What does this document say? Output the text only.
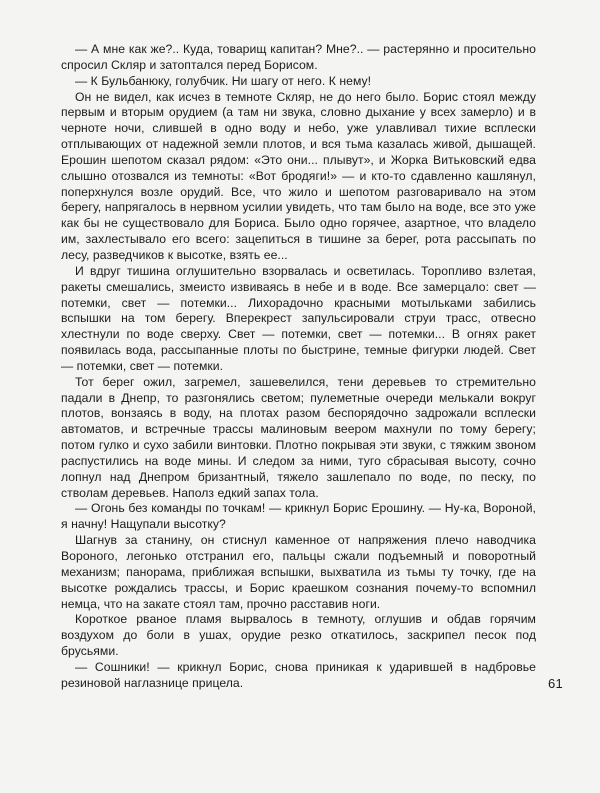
— А мне как же?.. Куда, товарищ капитан? Мне?.. — растерянно и просительно спросил Скляр и затоптался перед Борисом.

— К Бульбанюку, голубчик. Ни шагу от него. К нему!

Он не видел, как исчез в темноте Скляр, не до него было. Борис стоял между первым и вторым орудием (а там ни звука, словно дыхание у всех замерло) и в черноте ночи, слившей в одно воду и небо, уже улавливал тихие всплески отплывающих от надежной земли плотов, и вся тьма казалась живой, дышащей. Ерошин шепотом сказал рядом: «Это они... плывут», и Жорка Витьковский едва слышно отозвался из темноты: «Вот бродяги!» — и кто-то сдавленно кашлянул, поперхнулся возле орудий. Все, что жило и шепотом разговаривало на этом берегу, напрягалось в нервном усилии увидеть, что там было на воде, все это уже как бы не существовало для Бориса. Было одно горячее, азартное, что владело им, захлестывало его всего: зацепиться в тишине за берег, рота рассыпать по лесу, разведчиков к высотке, взять ее...

И вдруг тишина оглушительно взорвалась и осветилась. Торопливо взлетая, ракеты смешались, змеисто извиваясь в небе и в воде. Все замерцало: свет — потемки, свет — потемки... Лихорадочно красными мотыльками забились вспышки на том берегу. Вперекрест запульсировали струи трасс, отвесно хлестнули по воде сверху. Свет — потемки, свет — потемки... В огнях ракет появилась вода, рассыпанные плоты по быстрине, темные фигурки людей. Свет — потемки, свет — потемки.

Тот берег ожил, загремел, зашевелился, тени деревьев то стремительно падали в Днепр, то разгонялись светом; пулеметные очереди мелькали вокруг плотов, вонзаясь в воду, на плотах разом беспорядочно задрожали всплески автоматов, и встречные трассы малиновым веером махнули по тому берегу; потом гулко и сухо забили винтовки. Плотно покрывая эти звуки, с тяжким звоном распустились на воде мины. И следом за ними, туго сбрасывая высоту, сочно лопнул над Днепром бризантный, тяжело зашлепало по воде, по песку, по стволам деревьев. Наполз едкий запах тола.

— Огонь без команды по точкам! — крикнул Борис Ерошину. — Ну-ка, Вороной, я начну! Нащупали высотку?

Шагнув за станину, он стиснул каменное от напряжения плечо наводчика Вороного, легонько отстранил его, пальцы сжали подъемный и поворотный механизм; панорама, приближая вспышки, выхватила из тьмы ту точку, где на высотке рождались трассы, и Борис краешком сознания почему-то вспомнил немца, что на закате стоял там, прочно расставив ноги.

Короткое рваное пламя вырвалось в темноту, оглушив и обдав горячим воздухом до боли в ушах, орудие резко откатилось, заскрипел песок под брусьями.

— Сошники! — крикнул Борис, снова приникая к ударившей в надбровье резиновой наглазнице прицела.	61
